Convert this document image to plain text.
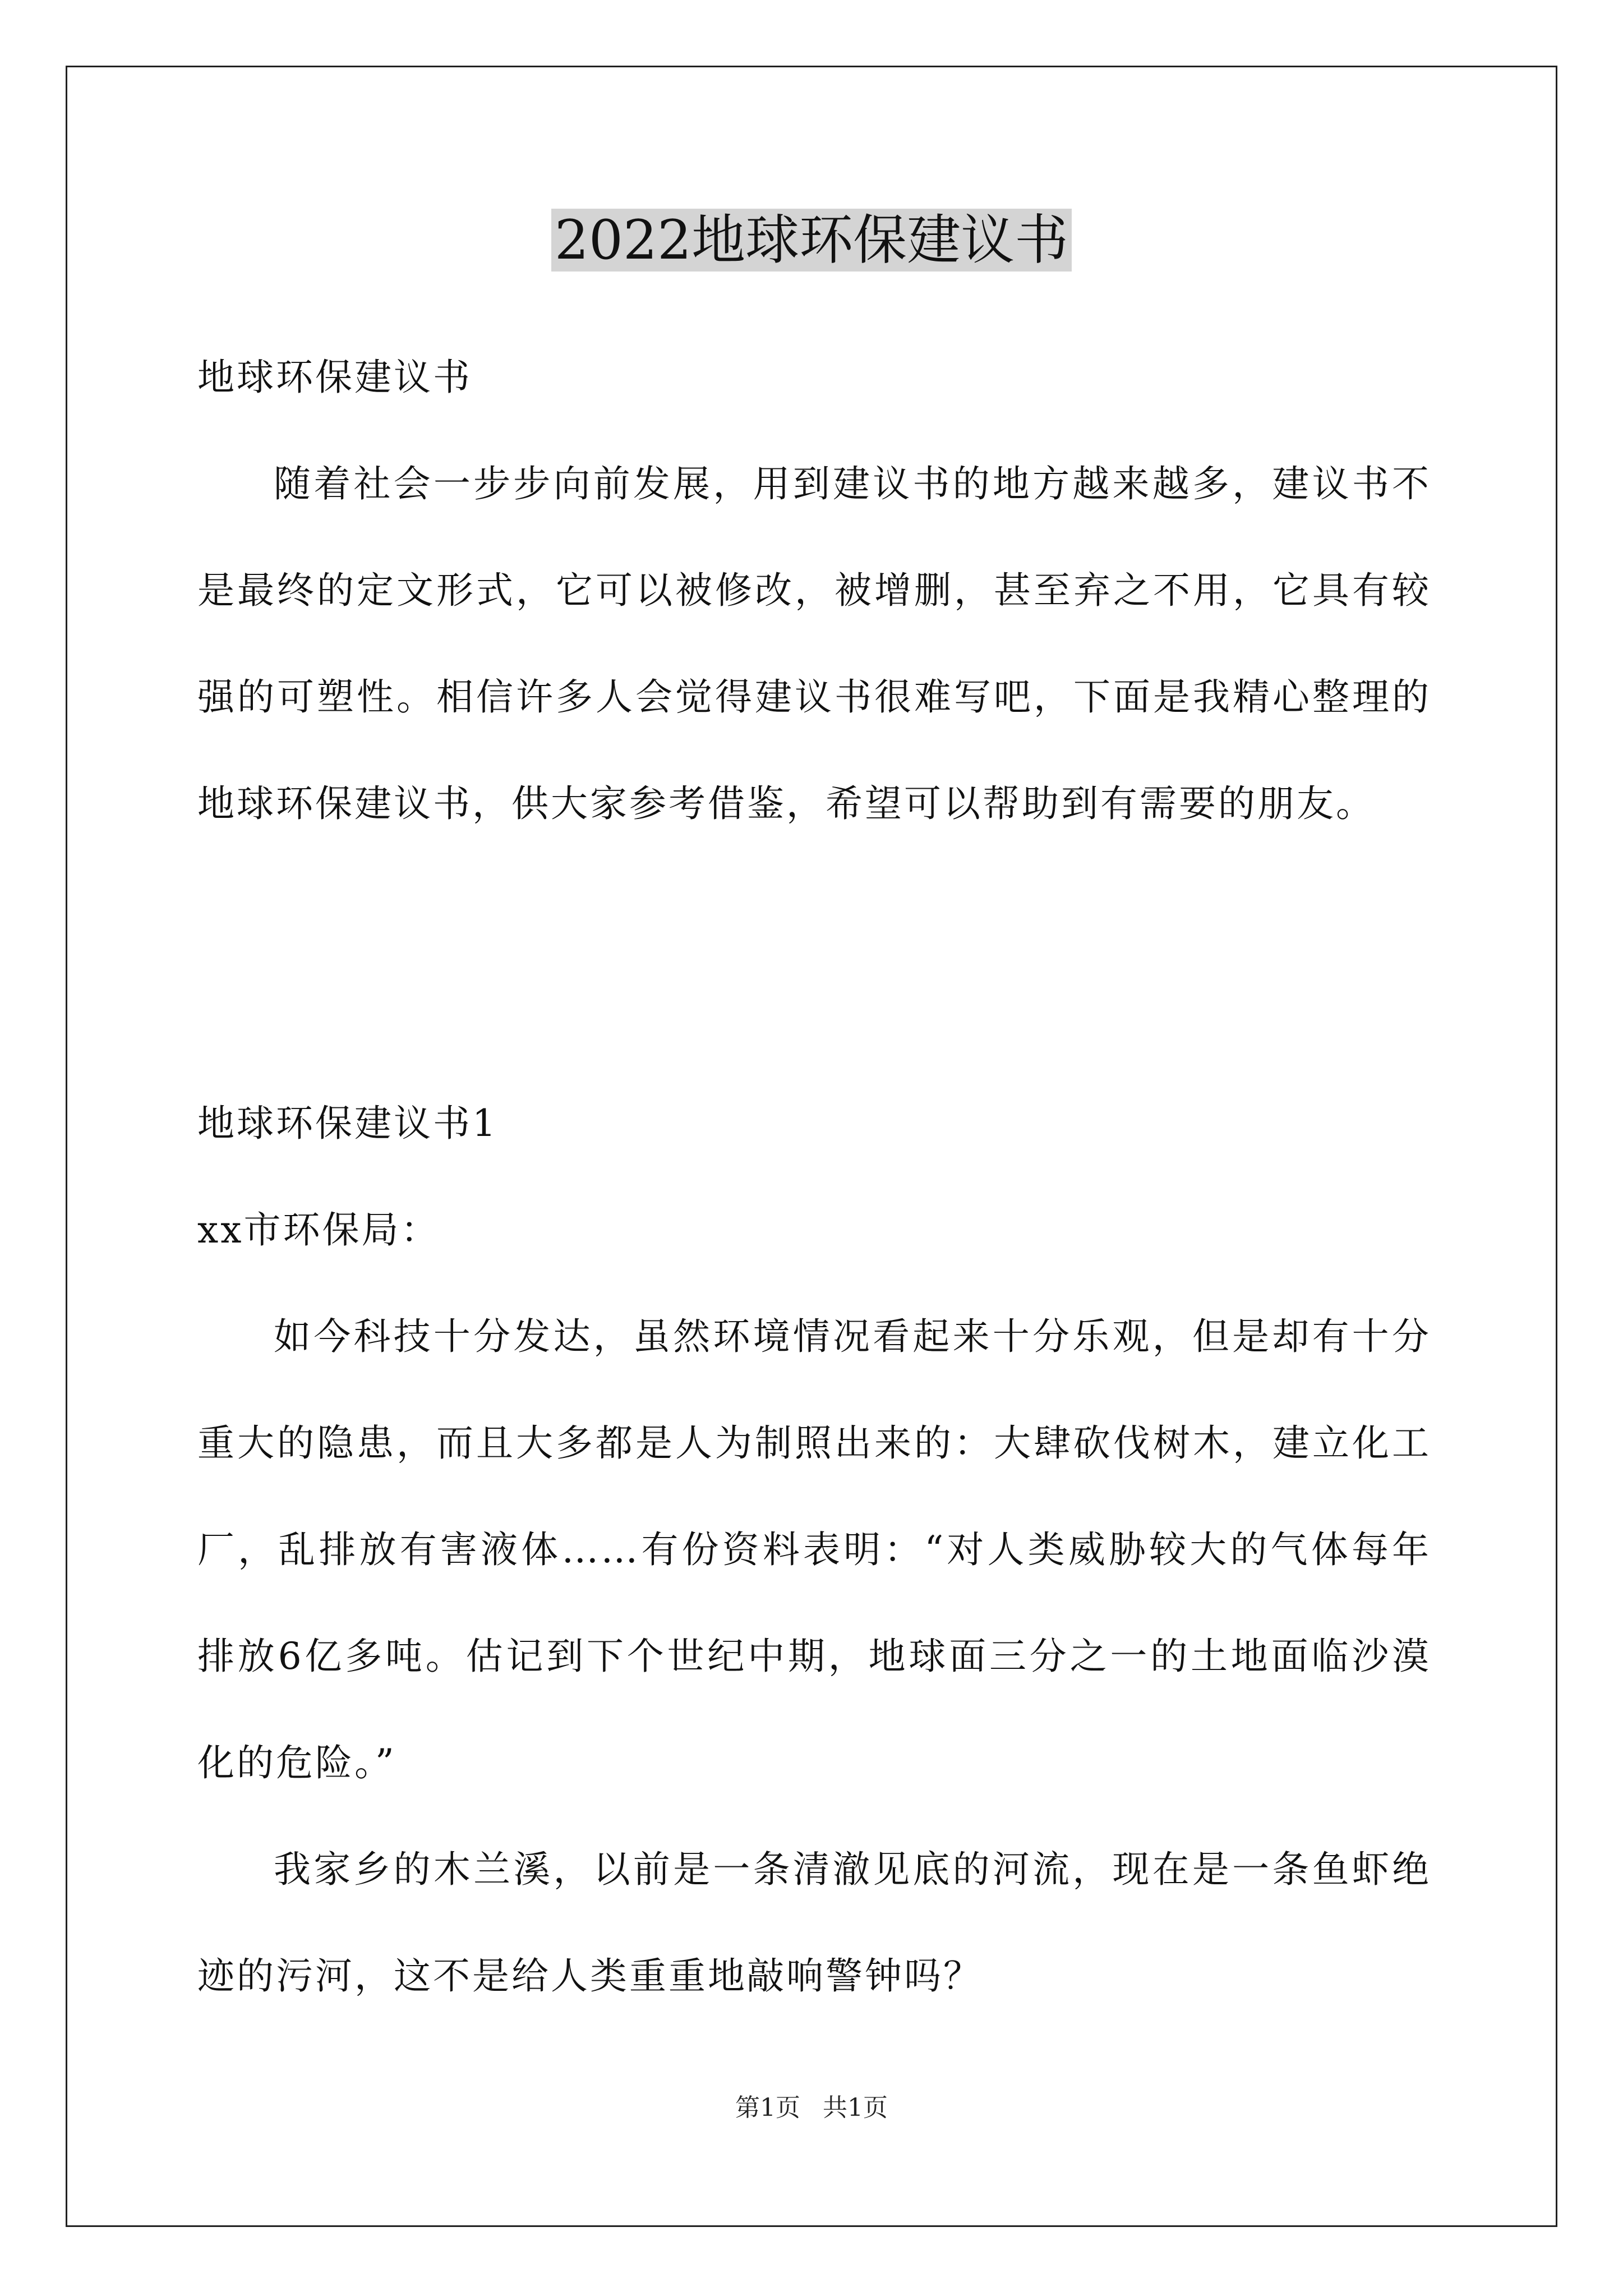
2022地球环保建议书

地球环保建议书

随着社会一步步向前发展，用到建议书的地方越来越多，建议书不是最终的定文形式，它可以被修改，被增删，甚至弃之不用，它具有较强的可塑性。相信许多人会觉得建议书很难写吧，下面是我精心整理的地球环保建议书，供大家参考借鉴，希望可以帮助到有需要的朋友。

地球环保建议书1

xx市环保局：

如今科技十分发达，虽然环境情况看起来十分乐观，但是却有十分重大的隐患，而且大多都是人为制照出来的：大肆砍伐树木，建立化工厂，乱排放有害液体……有份资料表明：“对人类威胁较大的气体每年排放6亿多吨。估记到下个世纪中期，地球面三分之一的土地面临沙漠化的危险。”

我家乡的木兰溪，以前是一条清澈见底的河流，现在是一条鱼虾绝迹的污河，这不是给人类重重地敲响警钟吗？

第1页 共1页
